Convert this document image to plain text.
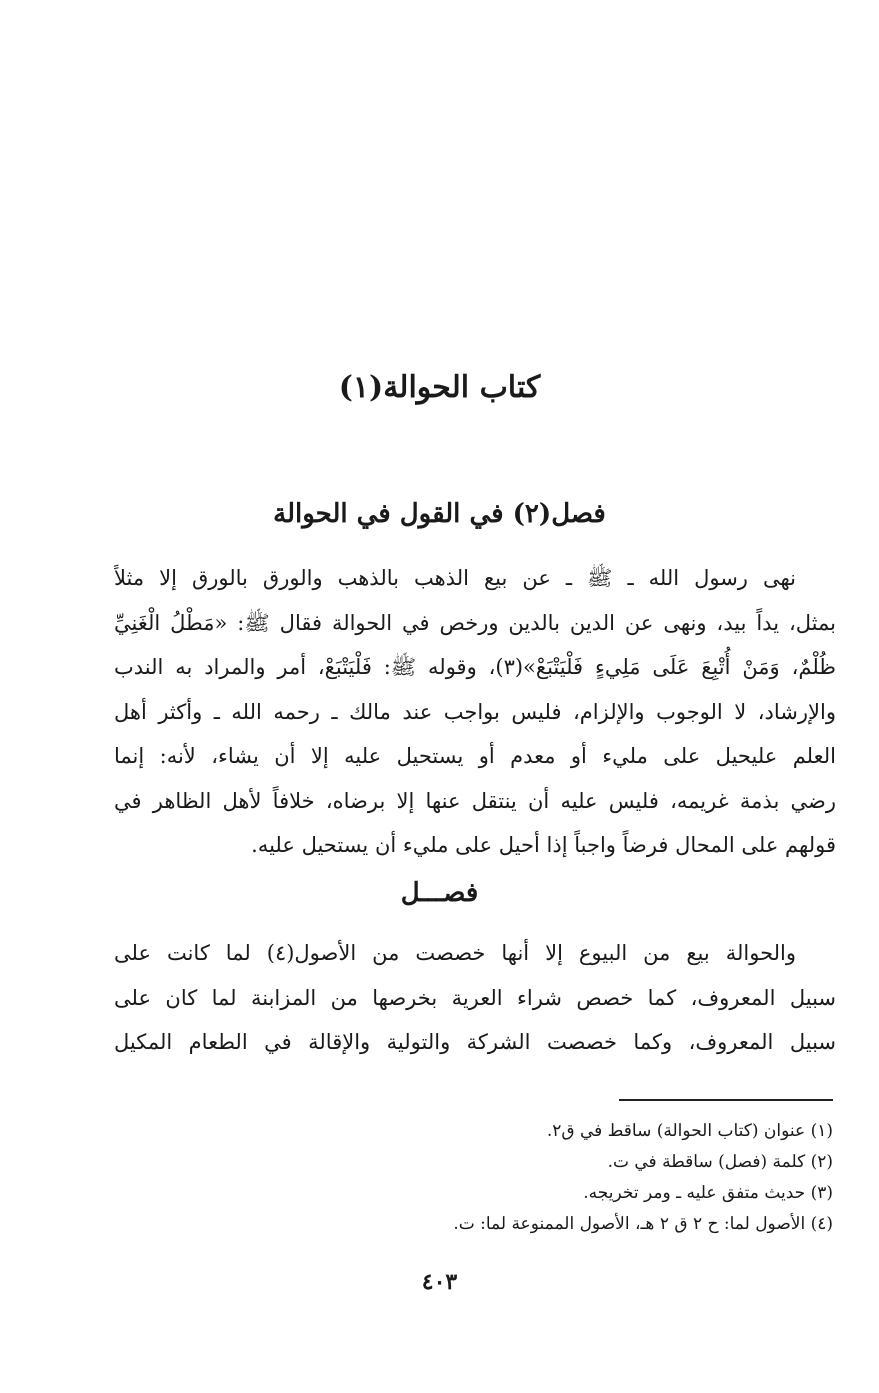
كتاب الحوالة(١)
فصل(٢) في القول في الحوالة
نهى رسول الله ـ ﷺ ـ عن بيع الذهب بالذهب والورق بالورق إلا مثلاً
بمثل، يداً بيد، ونهى عن الدين بالدين ورخص في الحوالة فقال ﷺ: «مَطْلُ الْغَنِيِّ
ظُلْمٌ، وَمَنْ أُتْبِعَ عَلَى مَلِيءٍ فَلْيَتْبَعْ»(٣)، وقوله ﷺ: فَلْيَتْبَعْ، أمر والمراد به الندب
والإرشاد، لا الوجوب والإلزام، فليس بواجب عند مالك ـ رحمه الله ـ وأكثر أهل
العلم عليحيل على مليء أو معدم أو يستحيل عليه إلا أن يشاء، لأنه: إنما
رضي بذمة غريمه، فليس عليه أن ينتقل عنها إلا برضاه، خلافاً لأهل الظاهر في
قولهم على المحال فرضاً واجباً إذا أحيل على مليء أن يستحيل عليه.
فصـــل
والحوالة بيع من البيوع إلا أنها خصصت من الأصول(٤) لما كانت على
سبيل المعروف، كما خصص شراء العرية بخرصها من المزابنة لما كان على
سبيل المعروف، وكما خصصت الشركة والتولية والإقالة في الطعام المكيل
(١) عنوان (كتاب الحوالة) ساقط في ق٢.
(٢) كلمة (فصل) ساقطة في ت.
(٣) حديث متفق عليه ـ ومر تخريجه.
(٤) الأصول لما: ح ٢ ق ٢ هـ، الأصول الممنوعة لما: ت.
٤٠٣
